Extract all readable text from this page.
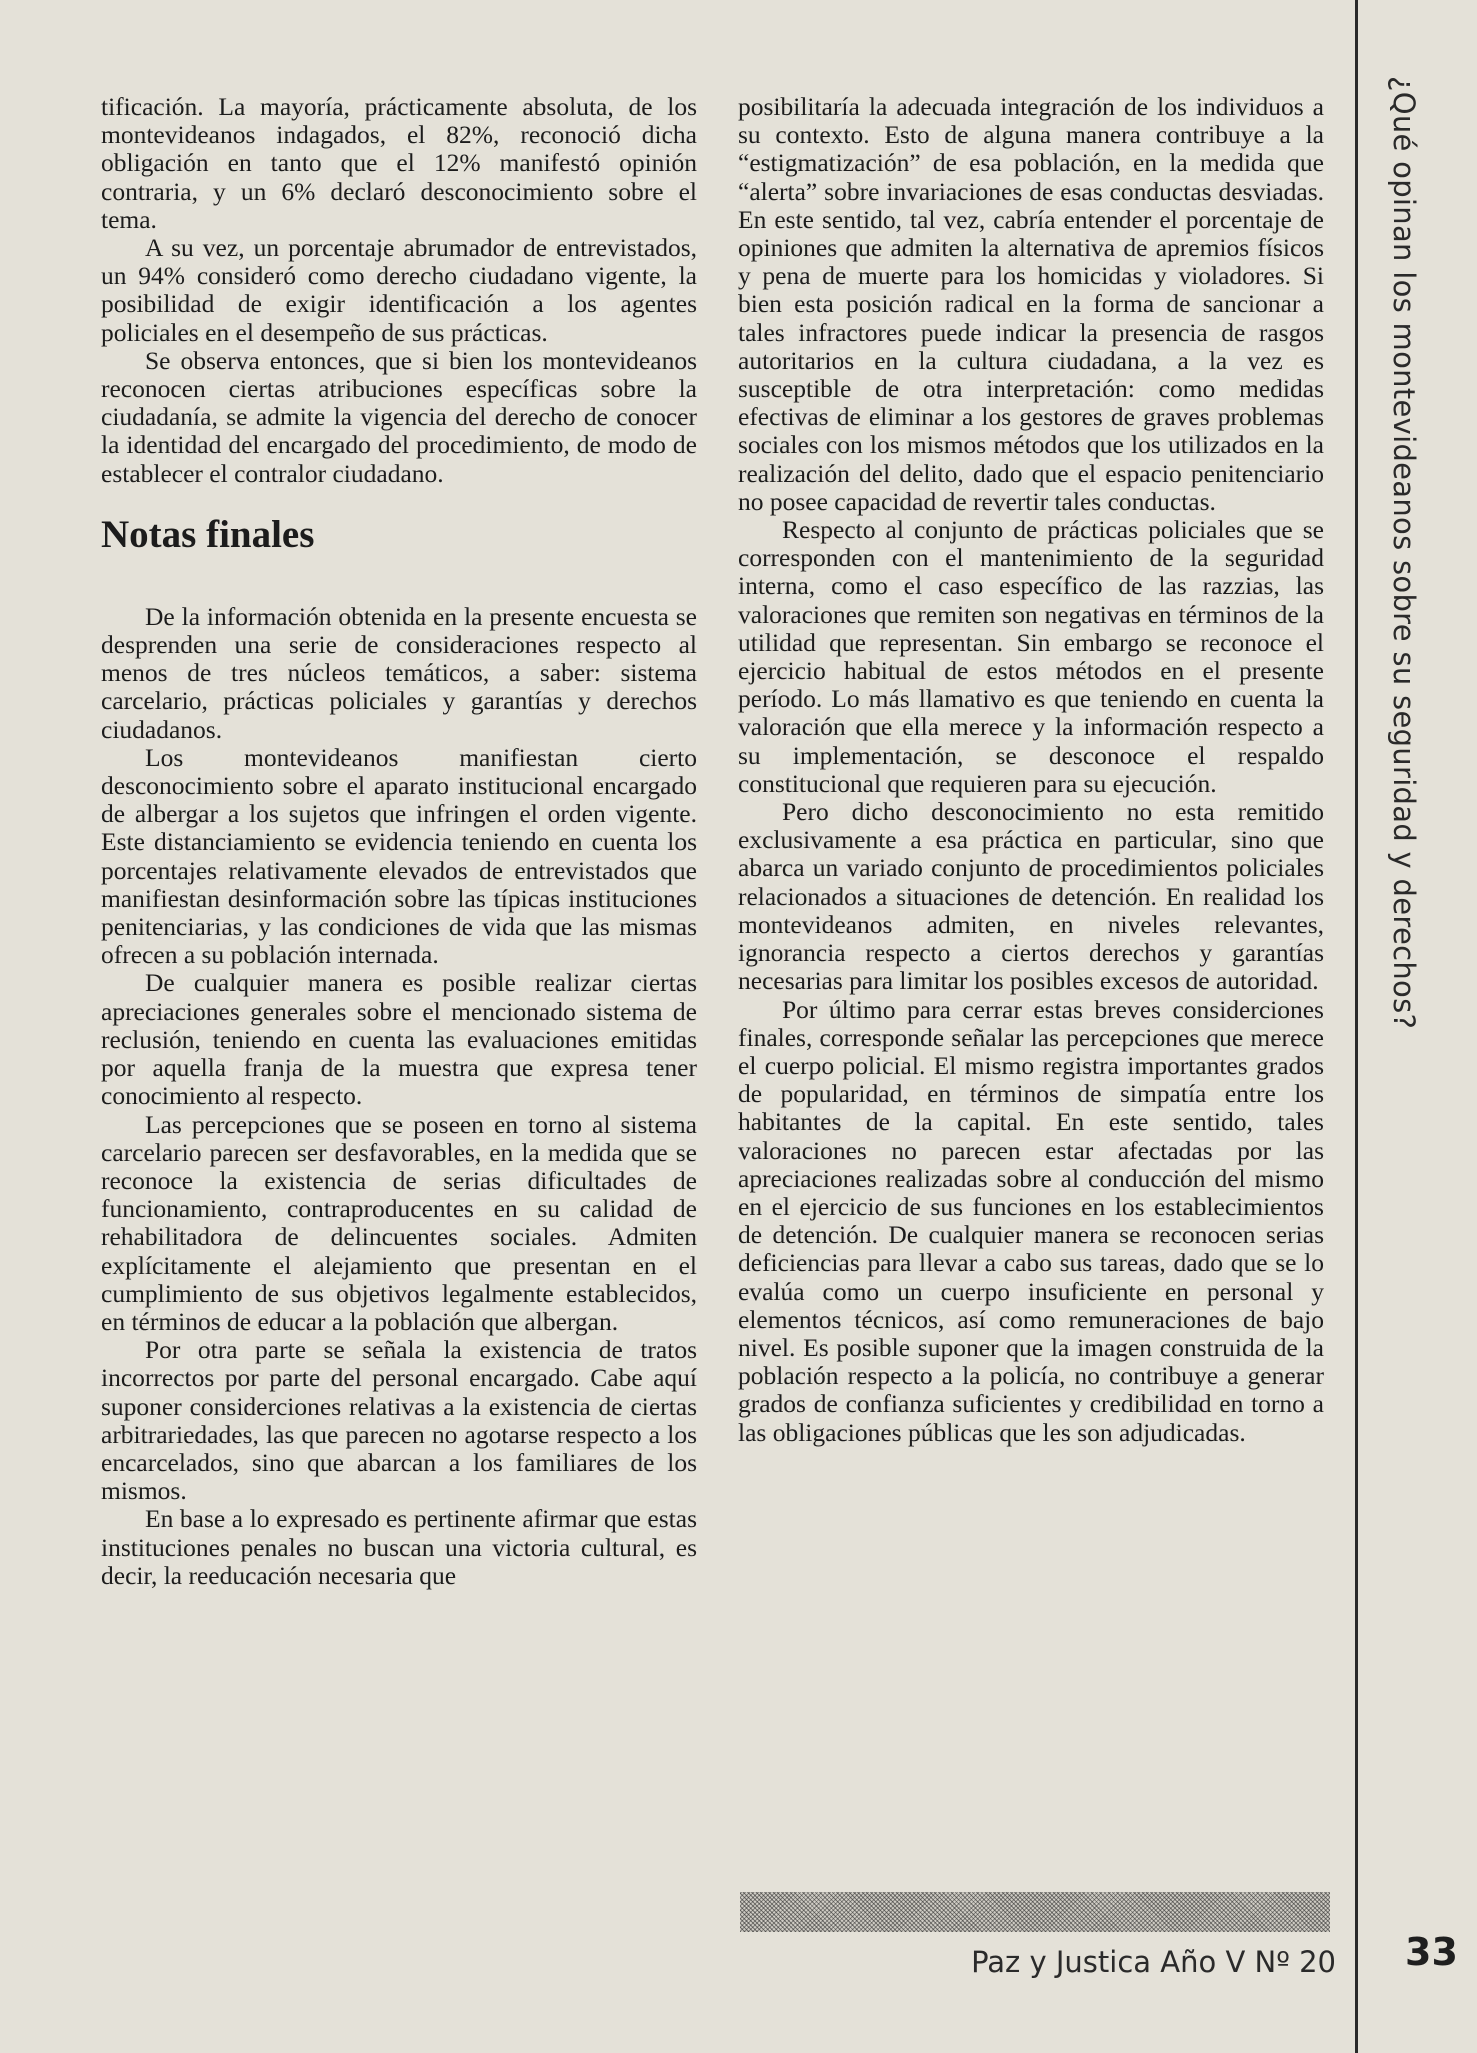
¿Qué opinan los montevideanos sobre su seguridad y derechos?

tificación. La mayoría, prácticamente absoluta, de los montevideanos indagados, el 82%, reconoció dicha obligación en tanto que el 12% manifestó opinión contraria, y un 6% declaró desconocimiento sobre el tema.

A su vez, un porcentaje abrumador de entrevistados, un 94% consideró como derecho ciudadano vigente, la posibilidad de exigir identificación a los agentes policiales en el desempeño de sus prácticas.

Se observa entonces, que si bien los montevideanos reconocen ciertas atribuciones específicas sobre la ciudadanía, se admite la vigencia del derecho de conocer la identidad del encargado del procedimiento, de modo de establecer el contralor ciudadano.

Notas finales

De la información obtenida en la presente encuesta se desprenden una serie de consideraciones respecto al menos de tres núcleos temáticos, a saber: sistema carcelario, prácticas policiales y garantías y derechos ciudadanos.

Los montevideanos manifiestan cierto desconocimiento sobre el aparato institucional encargado de albergar a los sujetos que infringen el orden vigente. Este distanciamiento se evidencia teniendo en cuenta los porcentajes relativamente elevados de entrevistados que manifiestan desinformación sobre las típicas instituciones penitenciarias, y las condiciones de vida que las mismas ofrecen a su población internada.

De cualquier manera es posible realizar ciertas apreciaciones generales sobre el mencionado sistema de reclusión, teniendo en cuenta las evaluaciones emitidas por aquella franja de la muestra que expresa tener conocimiento al respecto.

Las percepciones que se poseen en torno al sistema carcelario parecen ser desfavorables, en la medida que se reconoce la existencia de serias dificultades de funcionamiento, contraproducentes en su calidad de rehabilitadora de delincuentes sociales. Admiten explícitamente el alejamiento que presentan en el cumplimiento de sus objetivos legalmente establecidos, en términos de educar a la población que albergan.

Por otra parte se señala la existencia de tratos incorrectos por parte del personal encargado. Cabe aquí suponer considerciones relativas a la existencia de ciertas arbitrariedades, las que parecen no agotarse respecto a los encarcelados, sino que abarcan a los familiares de los mismos.

En base a lo expresado es pertinente afirmar que estas instituciones penales no buscan una victoria cultural, es decir, la reeducación necesaria que

posibilitaría la adecuada integración de los individuos a su contexto. Esto de alguna manera contribuye a la “estigmatización” de esa población, en la medida que “alerta” sobre invariaciones de esas conductas desviadas. En este sentido, tal vez, cabría entender el porcentaje de opiniones que admiten la alternativa de apremios físicos y pena de muerte para los homicidas y violadores. Si bien esta posición radical en la forma de sancionar a tales infractores puede indicar la presencia de rasgos autoritarios en la cultura ciudadana, a la vez es susceptible de otra interpretación: como medidas efectivas de eliminar a los gestores de graves problemas sociales con los mismos métodos que los utilizados en la realización del delito, dado que el espacio penitenciario no posee capacidad de revertir tales conductas.

Respecto al conjunto de prácticas policiales que se corresponden con el mantenimiento de la seguridad interna, como el caso específico de las razzias, las valoraciones que remiten son negativas en términos de la utilidad que representan. Sin embargo se reconoce el ejercicio habitual de estos métodos en el presente período. Lo más llamativo es que teniendo en cuenta la valoración que ella merece y la información respecto a su implementación, se desconoce el respaldo constitucional que requieren para su ejecución.

Pero dicho desconocimiento no esta remitido exclusivamente a esa práctica en particular, sino que abarca un variado conjunto de procedimientos policiales relacionados a situaciones de detención. En realidad los montevideanos admiten, en niveles relevantes, ignorancia respecto a ciertos derechos y garantías necesarias para limitar los posibles excesos de autoridad.

Por último para cerrar estas breves considerciones finales, corresponde señalar las percepciones que merece el cuerpo policial. El mismo registra importantes grados de popularidad, en términos de simpatía entre los habitantes de la capital. En este sentido, tales valoraciones no parecen estar afectadas por las apreciaciones realizadas sobre al conducción del mismo en el ejercicio de sus funciones en los establecimientos de detención. De cualquier manera se reconocen serias deficiencias para llevar a cabo sus tareas, dado que se lo evalúa como un cuerpo insuficiente en personal y elementos técnicos, así como remuneraciones de bajo nivel. Es posible suponer que la imagen construida de la población respecto a la policía, no contribuye a generar grados de confianza suficientes y credibilidad en torno a las obligaciones públicas que les son adjudicadas.

Paz y Justica Año V Nº 20 33
